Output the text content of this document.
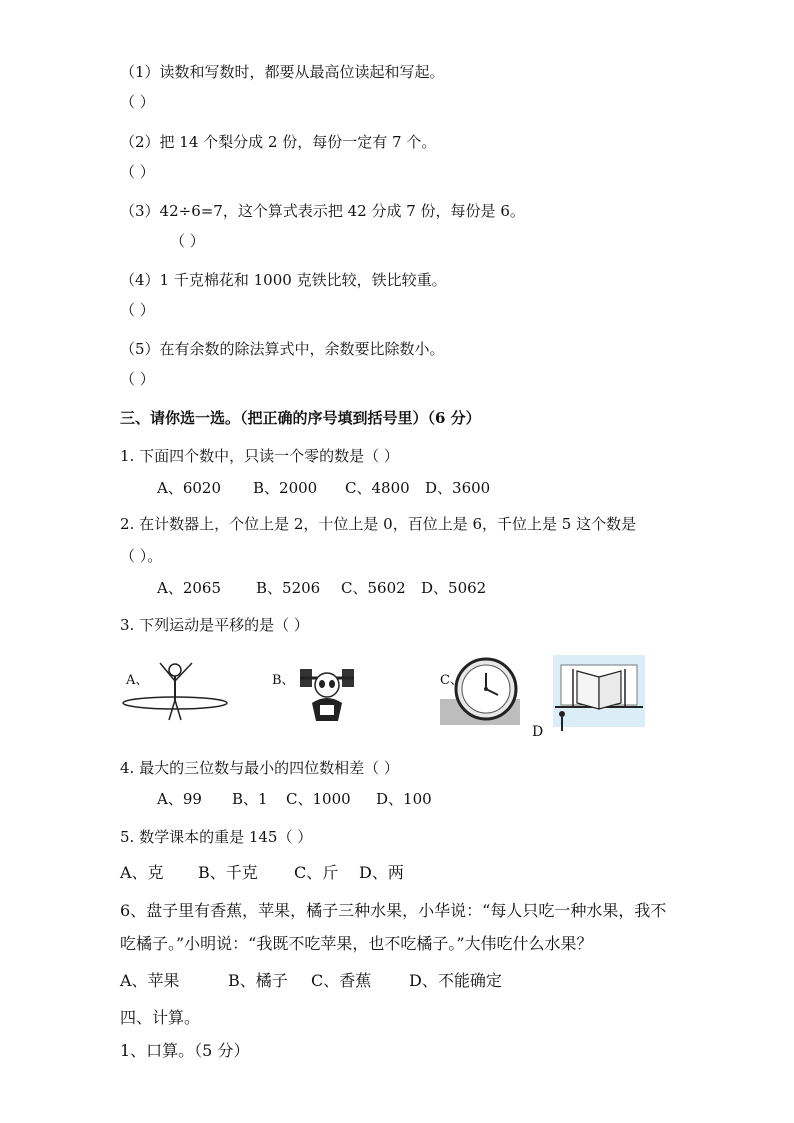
（1）读数和写数时，都要从最高位读起和写起。
（ ）
（2）把 14 个梨分成 2 份，每份一定有 7 个。
（ ）
（3）42÷6=7，这个算式表示把 42 分成 7 份，每份是 6。
（ ）
（4）1 千克棉花和 1000 克铁比较，铁比较重。
（ ）
（5）在有余数的除法算式中，余数要比除数小。
（ ）
三、请你选一选。（把正确的序号填到括号里）（6 分）
1. 下面四个数中，只读一个零的数是（ ）
A、6020 B、2000 C、4800 D、3600
2. 在计数器上，个位上是 2，十位上是 0，百位上是 6，千位上是 5 这个数是
（ ）。
A、2065 B、5206 C、5602 D、5062
3. 下列运动是平移的是（ ）
A、	B、	C、
D
4. 最大的三位数与最小的四位数相差（ ）
A、99 B、1 C、1000 D、100
5. 数学课本的重是 145（ ）
A、克 B、千克 C、斤 D、两
6、盘子里有香蕉，苹果，橘子三种水果，小华说：“每人只吃一种水果，我不
吃橘子。”小明说：“我既不吃苹果，也不吃橘子。”大伟吃什么水果？
A、苹果	B、橘子 C、香蕉 D、不能确定
四、计算。
1、口算。（5 分）
